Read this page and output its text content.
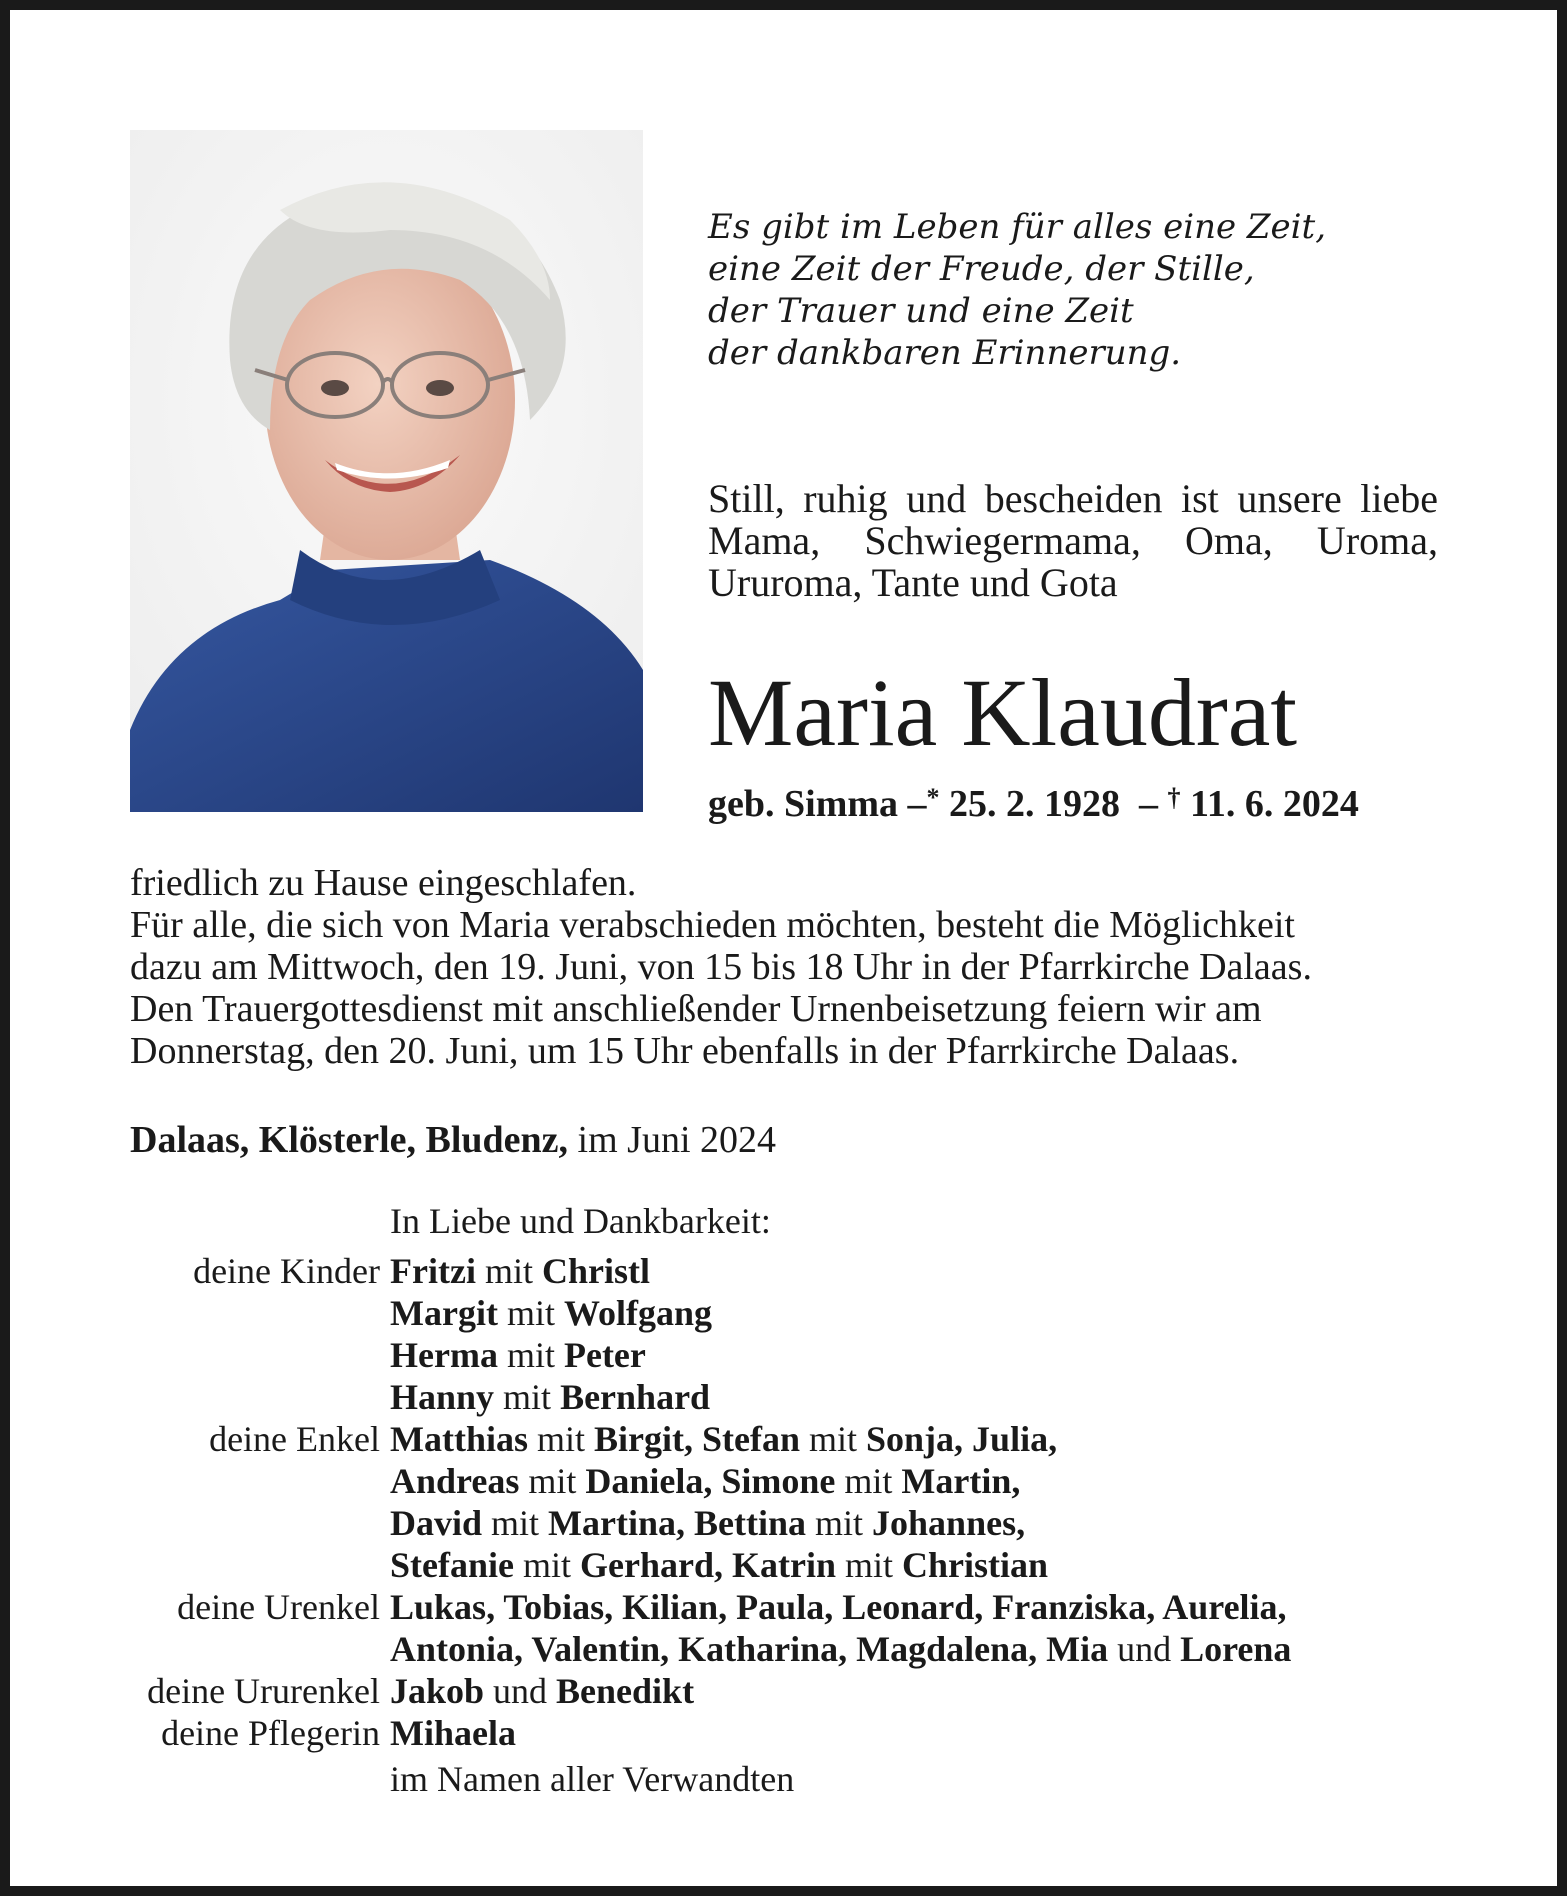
Es gibt im Leben für alles eine Zeit,
eine Zeit der Freude, der Stille,
der Trauer und eine Zeit
der dankbaren Erinnerung.
Still, ruhig und bescheiden ist unsere liebe Mama, Schwiegermama, Oma, Uroma, Ururoma, Tante und Gota
Maria Klaudrat
geb. Simma –* 25. 2. 1928 – † 11. 6. 2024
friedlich zu Hause eingeschlafen.
Für alle, die sich von Maria verabschieden möchten, besteht die Möglichkeit
dazu am Mittwoch, den 19. Juni, von 15 bis 18 Uhr in der Pfarrkirche Dalaas.
Den Trauergottesdienst mit anschließender Urnenbeisetzung feiern wir am
Donnerstag, den 20. Juni, um 15 Uhr ebenfalls in der Pfarrkirche Dalaas.
Dalaas, Klösterle, Bludenz, im Juni 2024
In Liebe und Dankbarkeit:
deine Kinder Fritzi mit Christl
Margit mit Wolfgang
Herma mit Peter
Hanny mit Bernhard
deine Enkel Matthias mit Birgit, Stefan mit Sonja, Julia,
Andreas mit Daniela, Simone mit Martin,
David mit Martina, Bettina mit Johannes,
Stefanie mit Gerhard, Katrin mit Christian
deine Urenkel Lukas, Tobias, Kilian, Paula, Leonard, Franziska, Aurelia,
Antonia, Valentin, Katharina, Magdalena, Mia und Lorena
deine Ururenkel Jakob und Benedikt
deine Pflegerin Mihaela
im Namen aller Verwandten
